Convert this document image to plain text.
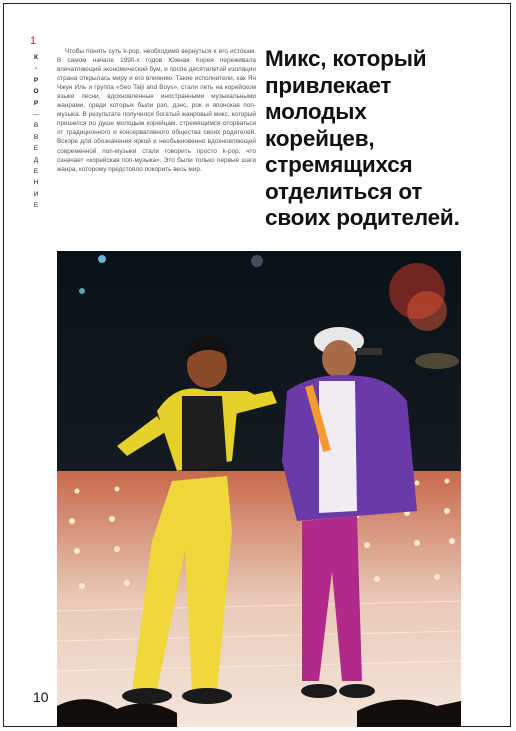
1
К
-
P
O
P
—
В
В
Е
Д
Е
Н
И
Е

Чтобы понять суть k-pop, необходимо вернуться к его истокам. В самом начале 1990-х годов Южная Корея переживала впечатляющий экономический бум, и после десятилетий изоляции страна открылась миру и его влиянию. Такие исполнители, как Ян Чжун Иль и группа «Seo Taiji and Boys», стали петь на корейском языке песни, вдохновленные иностранными музыкальными жанрами, среди которых были рэп, дэнс, рок и японская поп-музыка. В результате получился богатый жанровый микс, который пришелся по душе молодым корейцам, стремящимся оторваться от традиционного и консервативного общества своих родителей. Вскоре для обозначения яркой и необыкновенно вдохновляющей современной поп-музыки стали говорить просто k-pop, что означает «корейская поп-музыка». Это были только первые шаги жанра, которому предстояло покорить весь мир.

Микс, который привлекает молодых корейцев, стремящихся отделиться от своих родителей.
10
